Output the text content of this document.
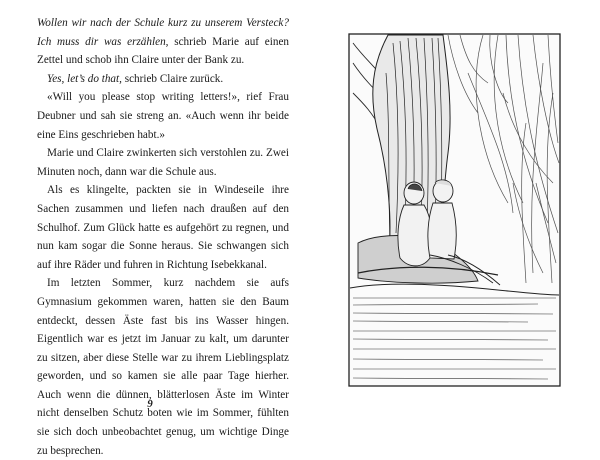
Wollen wir nach der Schule kurz zu unserem Versteck? Ich muss dir was erzählen, schrieb Marie auf einen Zettel und schob ihn Claire unter der Bank zu.

Yes, let’s do that, schrieb Claire zurück.

«Will you please stop writing letters!», rief Frau Deubner und sah sie streng an. «Auch wenn ihr beide eine Eins geschrieben habt.»

Marie und Claire zwinkerten sich verstohlen zu. Zwei Minuten noch, dann war die Schule aus.

Als es klingelte, packten sie in Windeseile ihre Sachen zusammen und liefen nach draußen auf den Schulhof. Zum Glück hatte es aufgehört zu regnen, und nun kam sogar die Sonne heraus. Sie schwangen sich auf ihre Räder und fuhren in Richtung Isebekkanal.

Im letzten Sommer, kurz nachdem sie aufs Gymnasium gekommen waren, hatten sie den Baum entdeckt, dessen Äste fast bis ins Wasser hingen. Eigentlich war es jetzt im Januar zu kalt, um darunter zu sitzen, aber diese Stelle war zu ihrem Lieblingsplatz geworden, und so kamen sie alle paar Tage hierher. Auch wenn die dünnen, blätterlosen Äste im Winter nicht denselben Schutz boten wie im Sommer, fühlten sie sich doch unbeobachtet genug, um wichtige Dinge zu besprechen.

9
